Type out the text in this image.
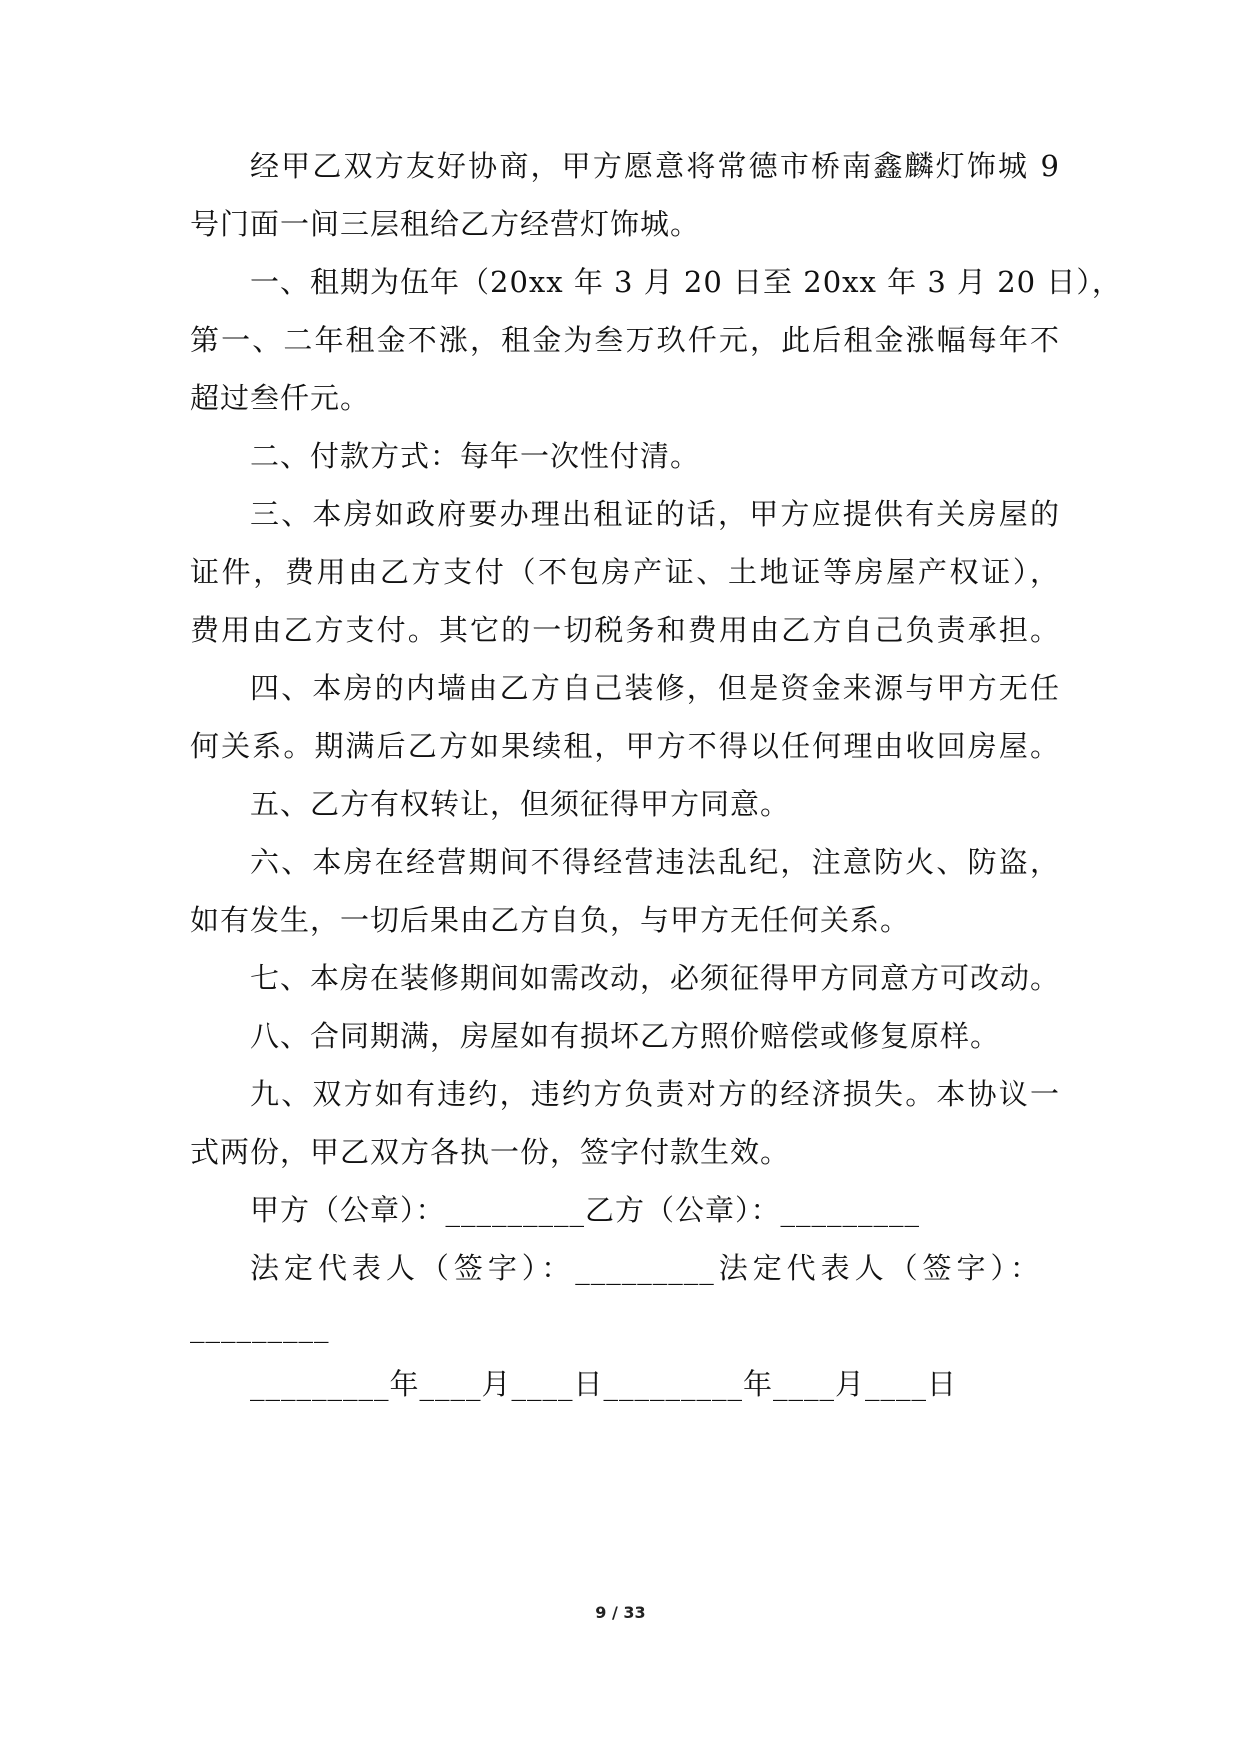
经甲乙双方友好协商，甲方愿意将常德市桥南鑫麟灯饰城 9
号门面一间三层租给乙方经营灯饰城。
一、租期为伍年（20xx 年 3 月 20 日至 20xx 年 3 月 20 日），
第一、二年租金不涨，租金为叁万玖仟元，此后租金涨幅每年不
超过叁仟元。
二、付款方式：每年一次性付清。
三、本房如政府要办理出租证的话，甲方应提供有关房屋的
证件，费用由乙方支付（不包房产证、土地证等房屋产权证），
费用由乙方支付。其它的一切税务和费用由乙方自己负责承担。
四、本房的内墙由乙方自己装修，但是资金来源与甲方无任
何关系。期满后乙方如果续租，甲方不得以任何理由收回房屋。
五、乙方有权转让，但须征得甲方同意。
六、本房在经营期间不得经营违法乱纪，注意防火、防盗，
如有发生，一切后果由乙方自负，与甲方无任何关系。
七、本房在装修期间如需改动，必须征得甲方同意方可改动。
八、合同期满，房屋如有损坏乙方照价赔偿或修复原样。
九、双方如有违约，违约方负责对方的经济损失。本协议一
式两份，甲乙双方各执一份，签字付款生效。
甲方（公章）：_________乙方（公章）：_________
法定代表人（签字）：_________法定代表人（签字）：
_________
_________年____月____日_________年____月____日
9 / 33
